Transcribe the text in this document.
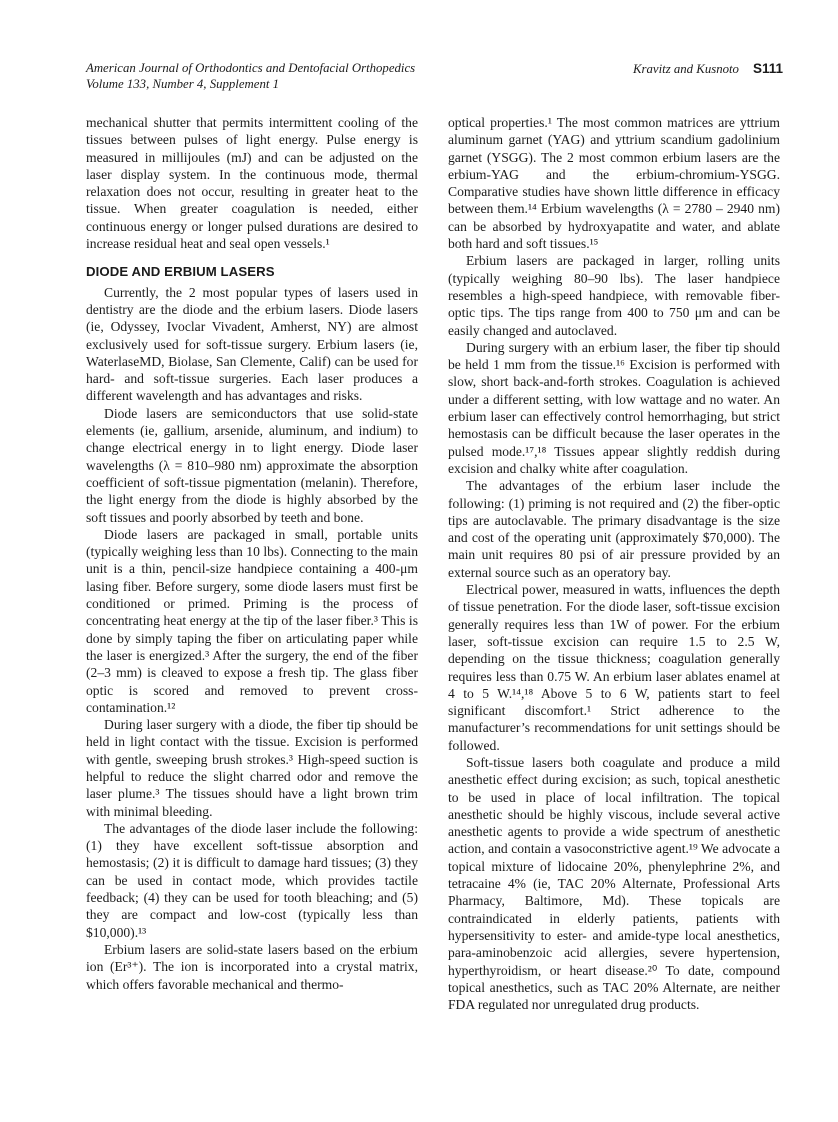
American Journal of Orthodontics and Dentofacial Orthopedics
Volume 133, Number 4, Supplement 1
Kravitz and Kusnoto S111

mechanical shutter that permits intermittent cooling of the tissues between pulses of light energy. Pulse energy is measured in millijoules (mJ) and can be adjusted on the laser display system. In the continuous mode, thermal relaxation does not occur, resulting in greater heat to the tissue. When greater coagulation is needed, either continuous energy or longer pulsed durations are desired to increase residual heat and seal open vessels.¹

DIODE AND ERBIUM LASERS

Currently, the 2 most popular types of lasers used in dentistry are the diode and the erbium lasers. Diode lasers (ie, Odyssey, Ivoclar Vivadent, Amherst, NY) are almost exclusively used for soft-tissue surgery. Erbium lasers (ie, WaterlaseMD, Biolase, San Clemente, Calif) can be used for hard- and soft-tissue surgeries. Each laser produces a different wavelength and has advantages and risks.

Diode lasers are semiconductors that use solid-state elements (ie, gallium, arsenide, aluminum, and indium) to change electrical energy in to light energy. Diode laser wavelengths (λ = 810–980 nm) approximate the absorption coefficient of soft-tissue pigmentation (melanin). Therefore, the light energy from the diode is highly absorbed by the soft tissues and poorly absorbed by teeth and bone.

Diode lasers are packaged in small, portable units (typically weighing less than 10 lbs). Connecting to the main unit is a thin, pencil-size handpiece containing a 400-μm lasing fiber. Before surgery, some diode lasers must first be conditioned or primed. Priming is the process of concentrating heat energy at the tip of the laser fiber.³ This is done by simply taping the fiber on articulating paper while the laser is energized.³ After the surgery, the end of the fiber (2–3 mm) is cleaved to expose a fresh tip. The glass fiber optic is scored and removed to prevent cross-contamination.¹²

During laser surgery with a diode, the fiber tip should be held in light contact with the tissue. Excision is performed with gentle, sweeping brush strokes.³ High-speed suction is helpful to reduce the slight charred odor and remove the laser plume.³ The tissues should have a light brown trim with minimal bleeding.

The advantages of the diode laser include the following: (1) they have excellent soft-tissue absorption and hemostasis; (2) it is difficult to damage hard tissues; (3) they can be used in contact mode, which provides tactile feedback; (4) they can be used for tooth bleaching; and (5) they are compact and low-cost (typically less than $10,000).¹³

Erbium lasers are solid-state lasers based on the erbium ion (Er³⁺). The ion is incorporated into a crystal matrix, which offers favorable mechanical and thermo-

optical properties.¹ The most common matrices are yttrium aluminum garnet (YAG) and yttrium scandium gadolinium garnet (YSGG). The 2 most common erbium lasers are the erbium-YAG and the erbium-chromium-YSGG. Comparative studies have shown little difference in efficacy between them.¹⁴ Erbium wavelengths (λ = 2780 – 2940 nm) can be absorbed by hydroxyapatite and water, and ablate both hard and soft tissues.¹⁵

Erbium lasers are packaged in larger, rolling units (typically weighing 80–90 lbs). The laser handpiece resembles a high-speed handpiece, with removable fiber-optic tips. The tips range from 400 to 750 μm and can be easily changed and autoclaved.

During surgery with an erbium laser, the fiber tip should be held 1 mm from the tissue.¹⁶ Excision is performed with slow, short back-and-forth strokes. Coagulation is achieved under a different setting, with low wattage and no water. An erbium laser can effectively control hemorrhaging, but strict hemostasis can be difficult because the laser operates in the pulsed mode.¹⁷,¹⁸ Tissues appear slightly reddish during excision and chalky white after coagulation.

The advantages of the erbium laser include the following: (1) priming is not required and (2) the fiber-optic tips are autoclavable. The primary disadvantage is the size and cost of the operating unit (approximately $70,000). The main unit requires 80 psi of air pressure provided by an external source such as an operatory bay.

Electrical power, measured in watts, influences the depth of tissue penetration. For the diode laser, soft-tissue excision generally requires less than 1W of power. For the erbium laser, soft-tissue excision can require 1.5 to 2.5 W, depending on the tissue thickness; coagulation generally requires less than 0.75 W. An erbium laser ablates enamel at 4 to 5 W.¹⁴,¹⁸ Above 5 to 6 W, patients start to feel significant discomfort.¹ Strict adherence to the manufacturer’s recommendations for unit settings should be followed.

Soft-tissue lasers both coagulate and produce a mild anesthetic effect during excision; as such, topical anesthetic to be used in place of local infiltration. The topical anesthetic should be highly viscous, include several active anesthetic agents to provide a wide spectrum of anesthetic action, and contain a vasoconstrictive agent.¹⁹ We advocate a topical mixture of lidocaine 20%, phenylephrine 2%, and tetracaine 4% (ie, TAC 20% Alternate, Professional Arts Pharmacy, Baltimore, Md). These topicals are contraindicated in elderly patients, patients with hypersensitivity to ester- and amide-type local anesthetics, para-aminobenzoic acid allergies, severe hypertension, hyperthyroidism, or heart disease.²⁰ To date, compound topical anesthetics, such as TAC 20% Alternate, are neither FDA regulated nor unregulated drug products.
